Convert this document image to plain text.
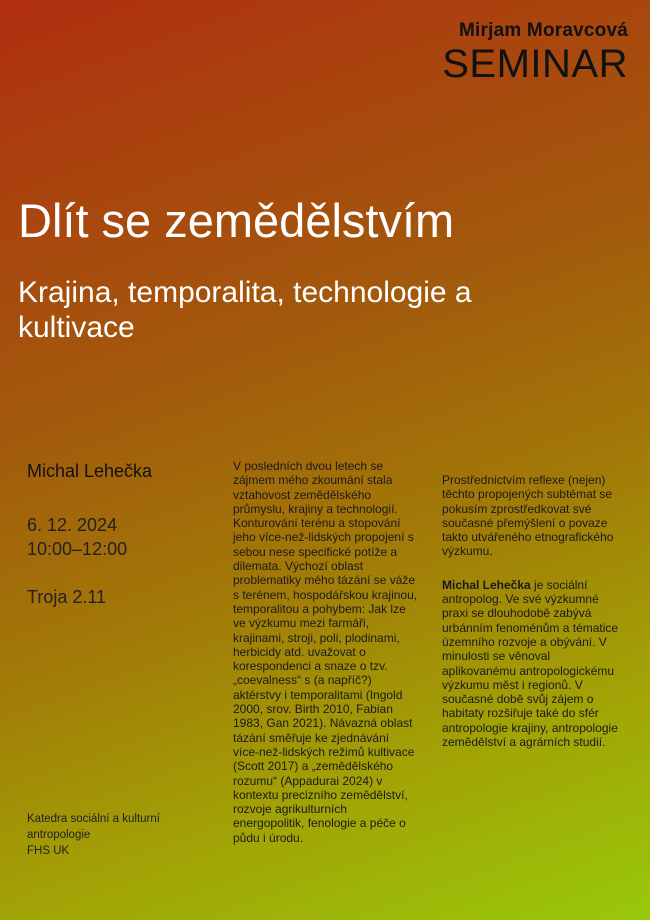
Mirjam Moravcová
SEMINAR
Dlít se zemědělstvím
Krajina, temporalita, technologie a kultivace
Michal Lehečka
6. 12. 2024
10:00–12:00
Troja 2.11
Katedra sociální a kulturní antropologie
FHS UK
V posledních dvou letech se zájmem mého zkoumání stala vztahovost zemědělského průmyslu, krajiny a technologií. Konturování terénu a stopování jeho více-než-lidských propojení s sebou nese specifické potíže a dilemata. Výchozí oblast problematiky mého tázání se váže s terénem, hospodářskou krajinou, temporalitou a pohybem: Jak lze ve výzkumu mezi farmáři, krajinami, stroji, poli, plodinami, herbicidy atd. uvažovat o korespondenci a snaze o tzv. „coevalness“ s (a napříč?) aktérstvy i temporalitami (Ingold 2000, srov. Birth 2010, Fabian 1983, Gan 2021). Návazná oblast tázání směřuje ke zjednávání více-než-lidských režimů kultivace (Scott 2017) a „zemědělského rozumu“ (Appadurai 2024) v kontextu precizního zemědělství, rozvoje agrikulturních energopolitik, fenologie a péče o půdu i úrodu.
Prostřednictvím reflexe (nejen) těchto propojených subtémat se pokusím zprostředkovat své současné přemýšlení o povaze takto utvářeného etnografického výzkumu.
Michal Lehečka je sociální antropolog. Ve své výzkumné praxi se dlouhodobě zabývá urbánním fenoménům a tématice územního rozvoje a obývání. V minulosti se věnoval aplikovanému antropologickému výzkumu měst i regionů. V současné době svůj zájem o habitaty rozšiřuje také do sfér antropologie krajiny, antropologie zemědělství a agrárních studií.
